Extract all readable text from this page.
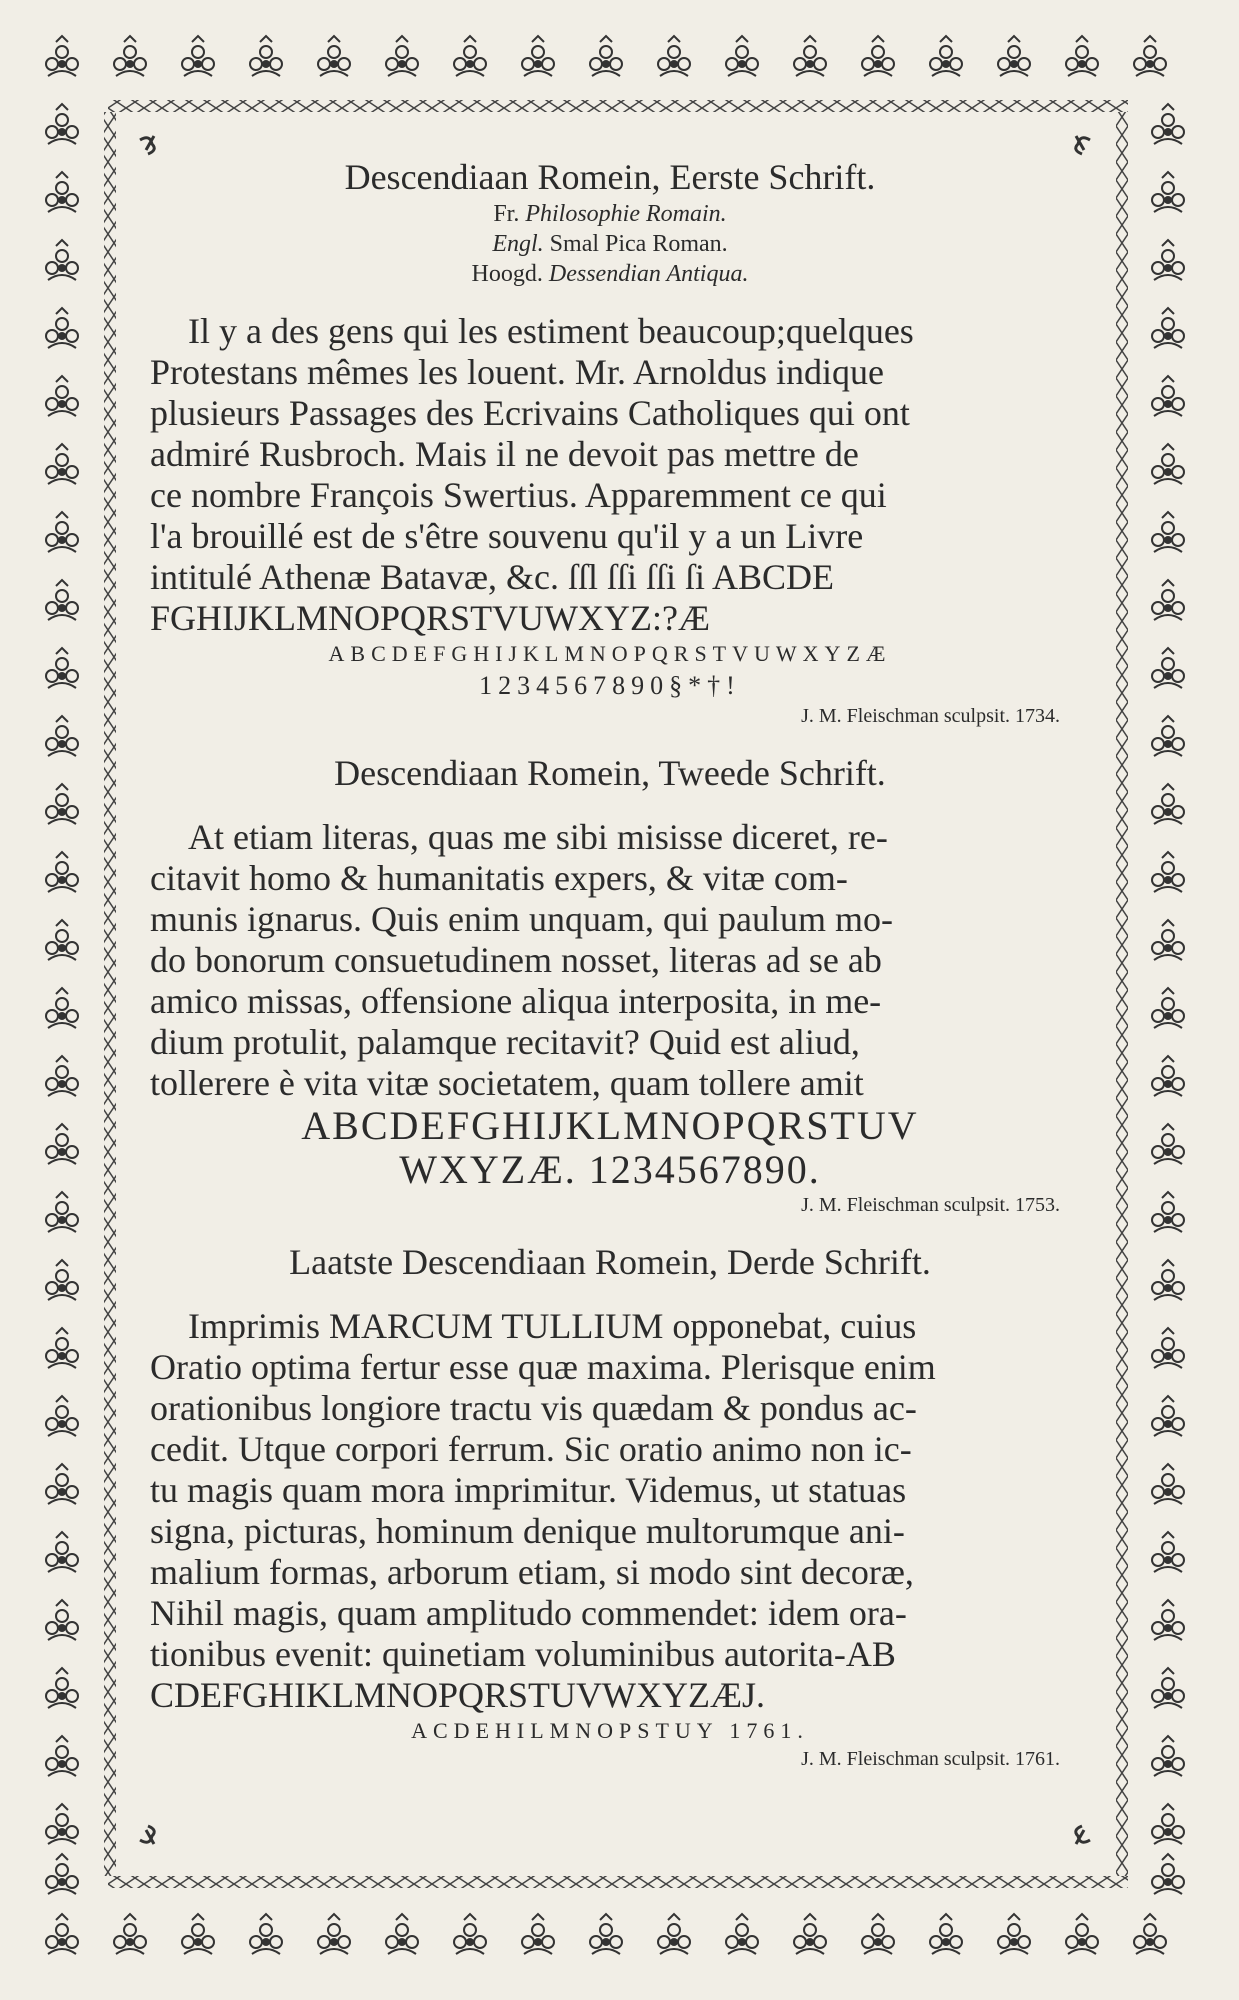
Descendiaan Romein, Eerste Schrift.

Fr. Philosophie Romain.

Engl. Smal Pica Roman.

Hoogd. Dessendian Antiqua.

Il y a des gens qui les estiment beaucoup;quelques

Protestans mêmes les louent. Mr. Arnoldus indique

plusieurs Passages des Ecrivains Catholiques qui ont

admiré Rusbroch. Mais il ne devoit pas mettre de

ce nombre François Swertius. Apparemment ce qui

l'a brouillé est de s'être souvenu qu'il y a un Livre

intitulé Athenæ Batavæ, &c. ſſl ſſi ſſi ſi ABCDE

FGHIJKLMNOPQRSTVUWXYZ:?Æ

ABCDEFGHIJKLMNOPQRSTVUWXYZÆ

1234567890§*†!

J. M. Fleischman sculpsit. 1734.

Descendiaan Romein, Tweede Schrift.

At etiam literas, quas me sibi misisse diceret, re-

citavit homo & humanitatis expers, & vitæ com-

munis ignarus. Quis enim unquam, qui paulum mo-

do bonorum consuetudinem nosset, literas ad se ab

amico missas, offensione aliqua interposita, in me-

dium protulit, palamque recitavit? Quid est aliud,

tollerere è vita vitæ societatem, quam tollere amit

ABCDEFGHIJKLMNOPQRSTUV

WXYZÆ. 1234567890.

J. M. Fleischman sculpsit. 1753.

Laatste Descendiaan Romein, Derde Schrift.

Imprimis MARCUM TULLIUM opponebat, cuius

Oratio optima fertur esse quæ maxima. Plerisque enim

orationibus longiore tractu vis quædam & pondus ac-

cedit. Utque corpori ferrum. Sic oratio animo non ic-

tu magis quam mora imprimitur. Videmus, ut statuas

signa, picturas, hominum denique multorumque ani-

malium formas, arborum etiam, si modo sint decoræ,

Nihil magis, quam amplitudo commendet: idem ora-

tionibus evenit: quinetiam voluminibus autorita-AB

CDEFGHIKLMNOPQRSTUVWXYZÆJ.

ACDEHILMNOPSTUY 1761.

J. M. Fleischman sculpsit. 1761.
